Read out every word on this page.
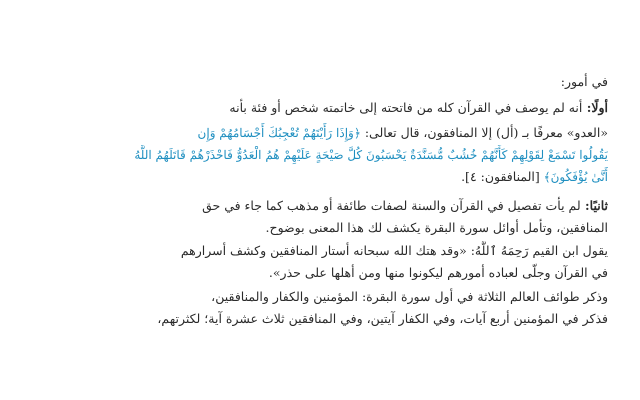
في أمور:
أولًا: أنه لم يوصف في القرآن كله من فاتحته إلى خاتمته شخص أو فئة بأنه
«العدو» معرفًا بـ (أل) إلا المنافقون، قال تعالى: ﴿وَإِذَا رَأَيْتَهُمْ تُعْجِبُكَ أَجْسَامُهُمْ وَإِن
يَقُولُوا تَسْمَعْ لِقَوْلِهِمْ كَأَنَّهُمْ خُشُبٌ مُّسَنَّدَةٌ يَحْسَبُونَ كُلَّ صَيْحَةٍ عَلَيْهِمْ هُمُ الْعَدُوُّ فَاحْذَرْهُمْ قَاتَلَهُمُ اللَّهُ
أَنَّىٰ يُؤْفَكُونَ﴾ [المنافقون: ٤].
ثانيًا: لم يأت تفصيل في القرآن والسنة لصفات طائفة أو مذهب كما جاء في حق
المنافقين، وتأمل أوائل سورة البقرة يكشف لك هذا المعنى بوضوح.
يقول ابن القيم رَحِمَهُ ٱللَّهُ: «وقد هتك الله سبحانه أستار المنافقين وكشف أسرارهم
في القرآن وجلّى لعباده أمورهم ليكونوا منها ومن أهلها على حذر».
وذكر طوائف العالم الثلاثة في أول سورة البقرة: المؤمنين والكفار والمنافقين،
فذكر في المؤمنين أربع آيات، وفي الكفار آيتين، وفي المنافقين ثلاث عشرة آية؛ لكثرتهم،
